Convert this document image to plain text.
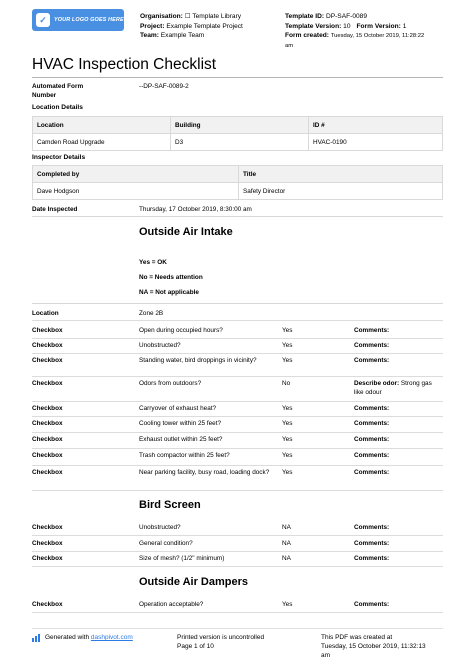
✓	YOUR LOGO GOES HERE Organisation: ☐ Template Library
Project: Example Template Project
Team: Example Team
Template ID: DP-SAF-0089
Template Version: 10 Form Version: 1
Form created: Tuesday, 15 October 2019, 11:28:22
am
HVAC Inspection Checklist
Automated Form
Number
--DP-SAF-0089-2
Location Details
Location	Building	ID #
Camden Road Upgrade	D3	HVAC-0190
Inspector Details
Completed by	Title
Dave Hodgson	Safety Director
Date Inspected	Thursday, 17 October 2019, 8:30:00 am
Outside Air Intake
Yes = OK
No = Needs attention
NA = Not applicable
Location	Zone 2B
Checkbox	Open during occupied hours?	Yes	Comments:
Checkbox	Unobstructed?	Yes	Comments:
Checkbox	Standing water, bird droppings in vicinity?	Yes	Comments:
Checkbox	Odors from outdoors?	No	Describe odor: Strong gas like odour
Checkbox	Carryover of exhaust heat?	Yes	Comments:
Checkbox	Cooling tower within 25 feet?	Yes	Comments:
Checkbox	Exhaust outlet within 25 feet?	Yes	Comments:
Checkbox	Trash compactor within 25 feet?	Yes	Comments:
Checkbox	Near parking facility, busy road, loading dock?	Yes	Comments:
Bird Screen
Checkbox	Unobstructed?	NA	Comments:
Checkbox	General condition?	NA	Comments:
Checkbox	Size of mesh? (1/2" minimum)	NA	Comments:
Outside Air Dampers
Checkbox	Operation acceptable?	Yes	Comments:
Generated with
dashpivot.com	Printed version is uncontrolled
Page 1 of 10
This PDF was created at
Tuesday, 15 October 2019, 11:32:13
am
